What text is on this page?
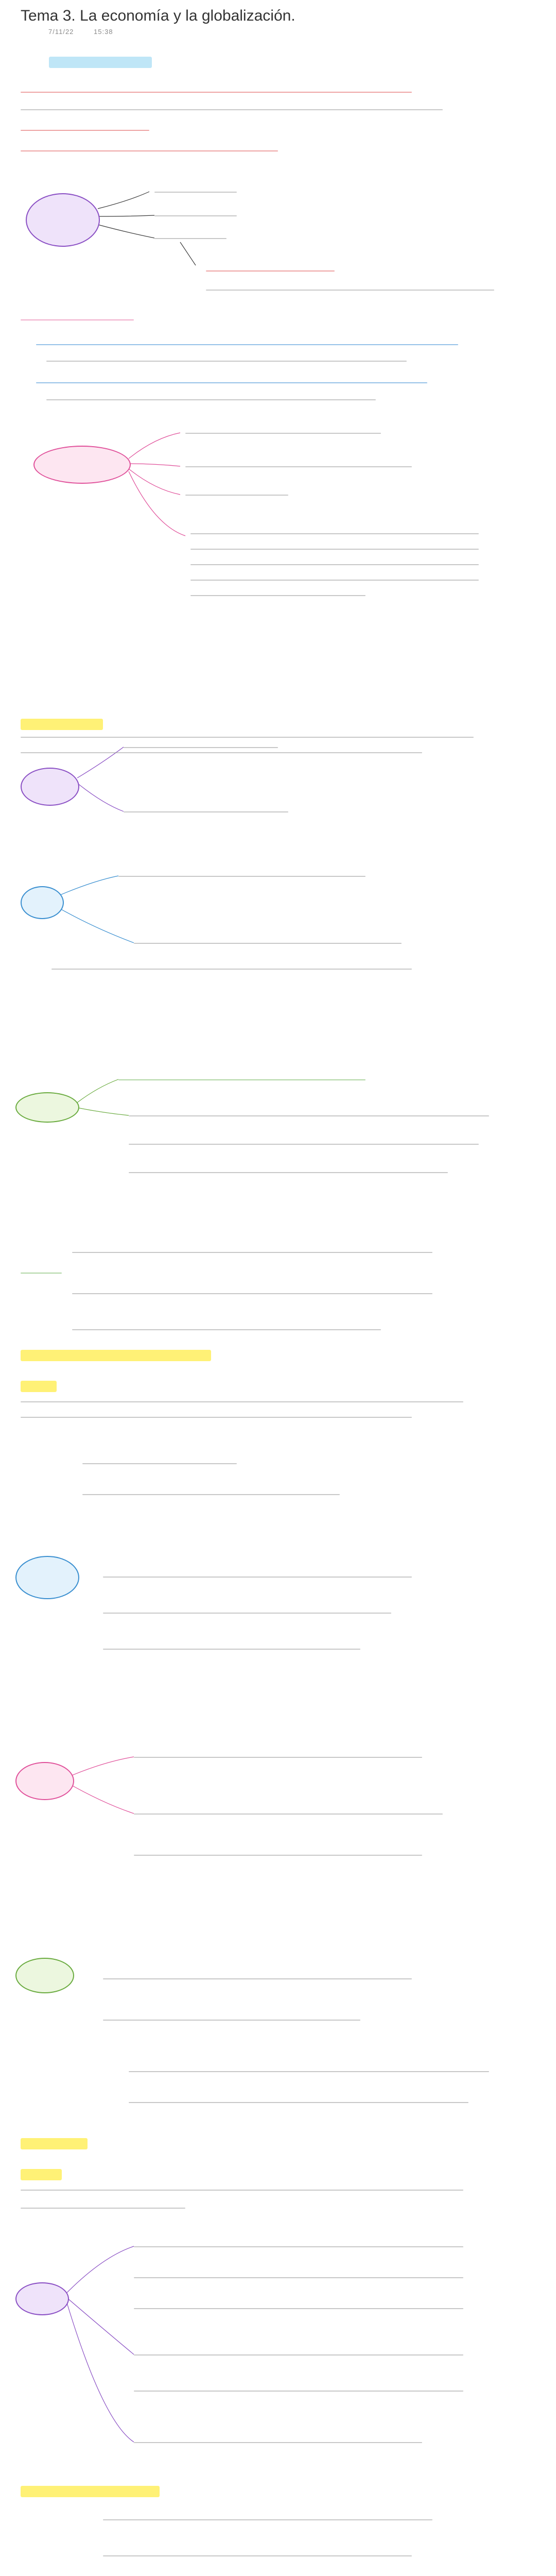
Tema 3. La economía y la globalización.
7/11/22	15:38
